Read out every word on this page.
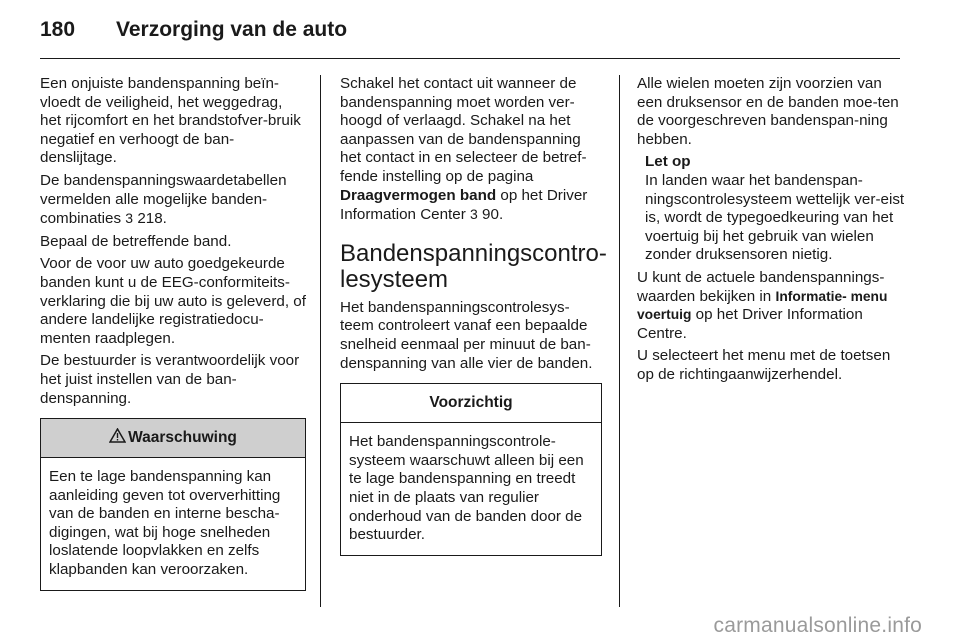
180 Verzorging van de auto

Een onjuiste bandenspanning beïn-vloedt de veiligheid, het weggedrag, het rijcomfort en het brandstofver-bruik negatief en verhoogt de ban-denslijtage.

De bandenspanningswaardetabellen vermelden alle mogelijke banden-combinaties 3 218.

Bepaal de betreffende band.

Voor de voor uw auto goedgekeurde banden kunt u de EEG-conformiteits-verklaring die bij uw auto is geleverd, of andere landelijke registratiedocu-menten raadplegen.

De bestuurder is verantwoordelijk voor het juist instellen van de ban-denspanning.

Waarschuwing
Een te lage bandenspanning kan aanleiding geven tot oververhitting van de banden en interne bescha-digingen, wat bij hoge snelheden loslatende loopvlakken en zelfs klapbanden kan veroorzaken.

Schakel het contact uit wanneer de bandenspanning moet worden ver-hoogd of verlaagd. Schakel na het aanpassen van de bandenspanning het contact in en selecteer de betref-fende instelling op de pagina Draagvermogen band op het Driver Information Center 3 90.

Bandenspanningscontro-lesysteem

Het bandenspanningscontrolesys-teem controleert vanaf een bepaalde snelheid eenmaal per minuut de ban-denspanning van alle vier de banden.

Voorzichtig
Het bandenspanningscontrole-systeem waarschuwt alleen bij een te lage bandenspanning en treedt niet in de plaats van regulier onderhoud van de banden door de bestuurder.

Alle wielen moeten zijn voorzien van een druksensor en de banden moe-ten de voorgeschreven bandenspan-ning hebben.

Let op

In landen waar het bandenspan-ningscontrolesysteem wettelijk ver-eist is, wordt de typegoedkeuring van het voertuig bij het gebruik van wielen zonder druksensoren nietig.

U kunt de actuele bandenspannings-waarden bekijken in Informatie- menu voertuig op het Driver Information Centre.

U selecteert het menu met de toetsen op de richtingaanwijzerhendel.

carmanualsonline.info
